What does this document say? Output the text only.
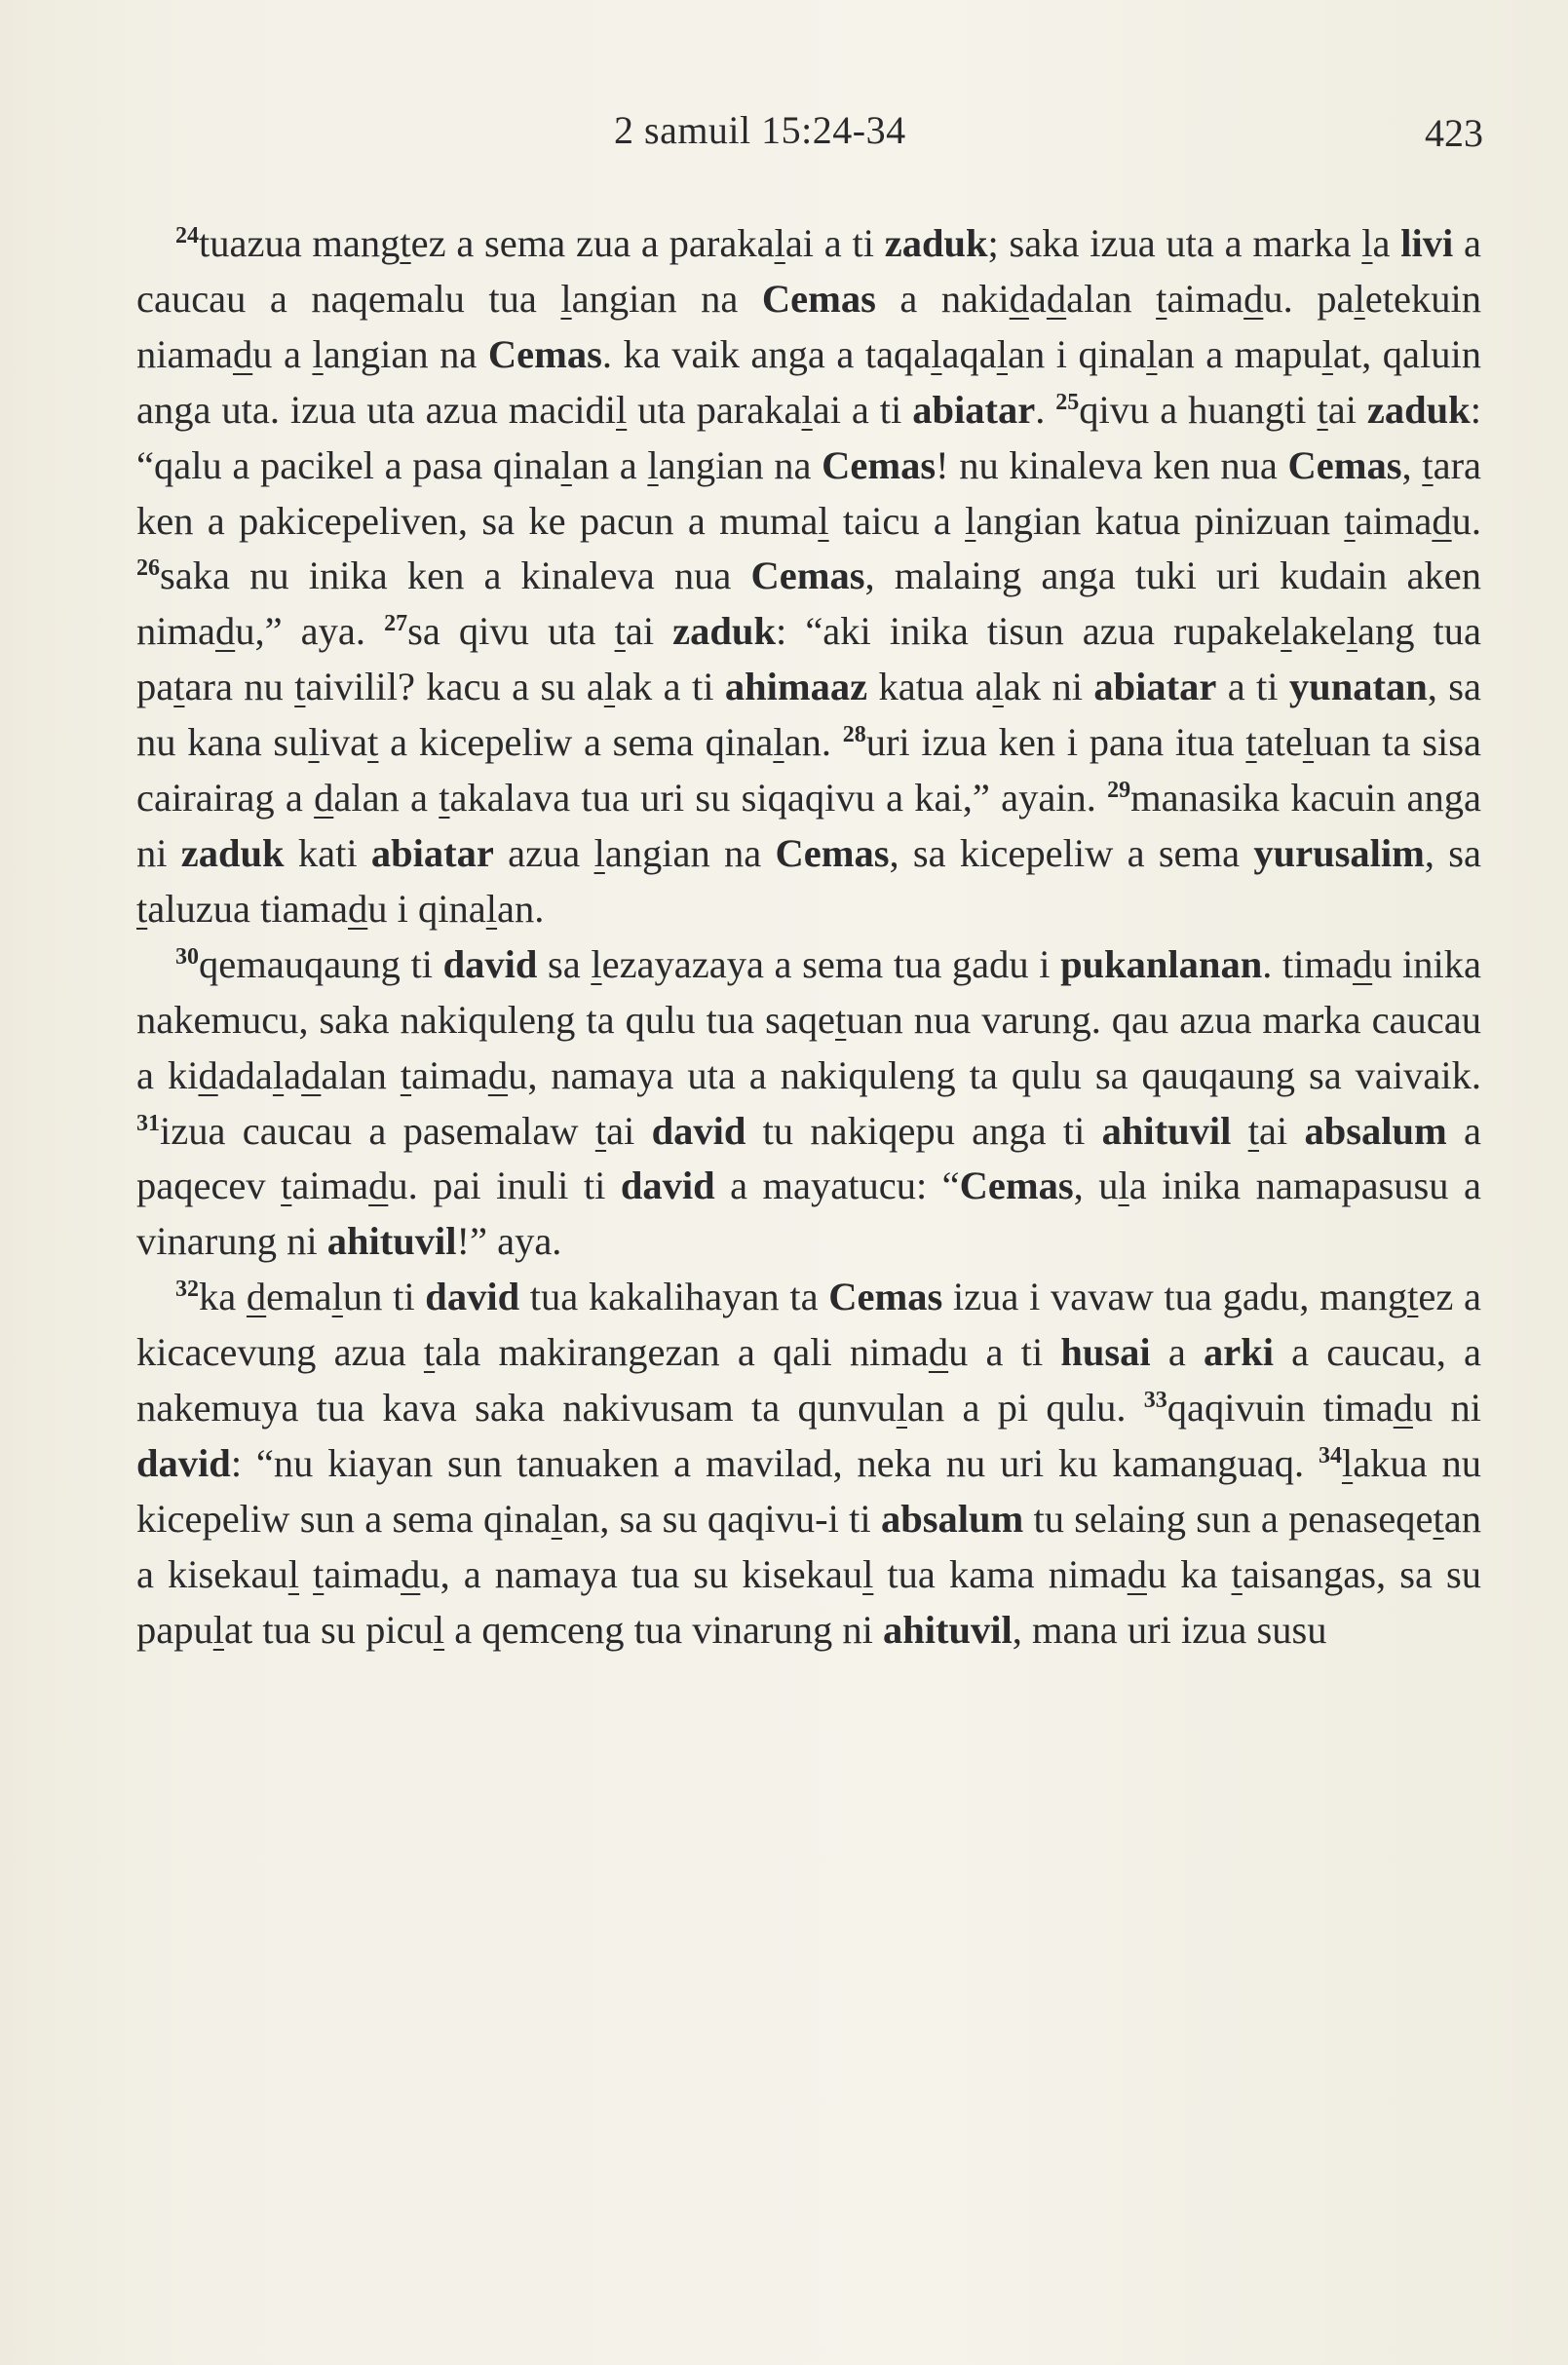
2 samuil 15:24-34	423

$^{24}$tuazua mangtez a sema zua a parakalai a ti zaduk; saka izua uta a marka la livi a caucau a naqemalu tua langian na Cemas a nakidadalan taimadu. paletekuin niamadu a langian na Cemas. ka vaik anga a taqalaqalan i qinalan a mapulat, qaluin anga uta. izua uta azua macidil uta parakalai a ti abiatar. $^{25}$qivu a huangti tai zaduk: “qalu a pacikel a pasa qinalan a langian na Cemas! nu kinaleva ken nua Cemas, tara ken a pakicepeliven, sa ke pacun a mumal taicu a langian katua pinizuan taimadu. $^{26}$saka nu inika ken a kinaleva nua Cemas, malaing anga tuki uri kudain aken nimadu,” aya. $^{27}$sa qivu uta tai zaduk: “aki inika tisun azua rupakelakelang tua patara nu taivilil? kacu a su alak a ti ahimaaz katua alak ni abiatar a ti yunatan, sa nu kana sulivat a kicepeliw a sema qinalan. $^{28}$uri izua ken i pana itua tateluan ta sisa cairairag a dalan a takalava tua uri su siqaqivu a kai,” ayain. $^{29}$manasika kacuin anga ni zaduk kati abiatar azua langian na Cemas, sa kicepeliw a sema yurusalim, sa taluzua tiamadu i qinalan.

$^{30}$qemauqaung ti david sa lezayazaya a sema tua gadu i pukanlanan. timadu inika nakemucu, saka nakiquleng ta qulu tua saqetuan nua varung. qau azua marka caucau a kidadaladalan taimadu, namaya uta a nakiquleng ta qulu sa qauqaung sa vaivaik. $^{31}$izua caucau a pasemalaw tai david tu nakiqepu anga ti ahituvil tai absalum a paqecev taimadu. pai inuli ti david a mayatucu: “Cemas, ula inika namapasusu a vinarung ni ahituvil!” aya.

$^{32}$ka demalun ti david tua kakalihayan ta Cemas izua i vavaw tua gadu, mangtez a kicacevung azua tala makirangezan a qali nimadu a ti husai a arki a caucau, a nakemuya tua kava saka nakivusam ta qunvulan a pi qulu. $^{33}$qaqivuin timadu ni david: “nu kiayan sun tanuaken a mavilad, neka nu uri ku kamanguaq. $^{34}$lakua nu kicepeliw sun a sema qinalan, sa su qaqivu-i ti absalum tu selaing sun a penaseqetan a kisekaul taimadu, a namaya tua su kisekaul tua kama nimadu ka taisangas, sa su papulat tua su picul a qemceng tua vinarung ni ahituvil, mana uri izua susu
